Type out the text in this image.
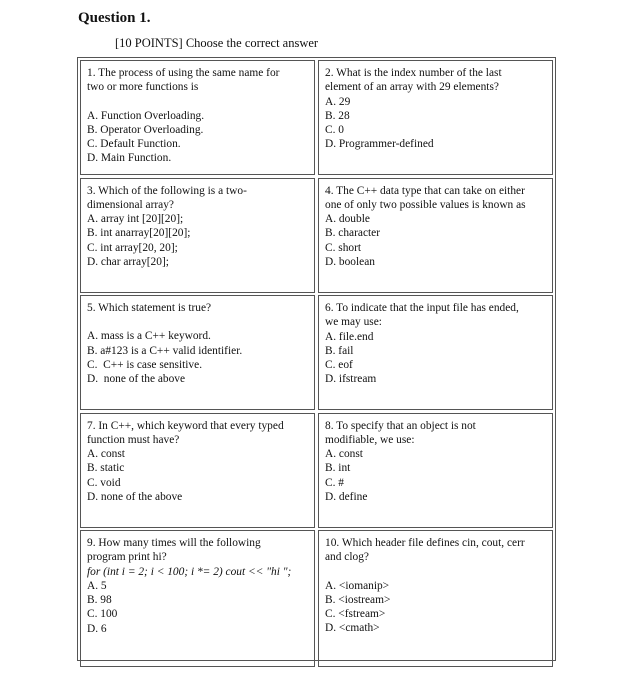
Question 1.
[10 POINTS] Choose the correct answer
1. The process of using the same name for
two or more functions is
A. Function Overloading.
B. Operator Overloading.
C. Default Function.
D. Main Function.
2. What is the index number of the last
element of an array with 29 elements?
A. 29
B. 28
C. 0
D. Programmer-defined
3. Which of the following is a two-
dimensional array?
A. array int [20][20];
B. int anarray[20][20];
C. int array[20, 20];
D. char array[20];
4. The C++ data type that can take on either
one of only two possible values is known as
A. double
B. character
C. short
D. boolean
5. Which statement is true?
A. mass is a C++ keyword.
B. a#123 is a C++ valid identifier.
C.  C++ is case sensitive.
D.  none of the above
6. To indicate that the input file has ended,
we may use:
A. file.end
B. fail
C. eof
D. ifstream
7. In C++, which keyword that every typed
function must have?
A. const
B. static
C. void
D. none of the above
8. To specify that an object is not
modifiable, we use:
A. const
B. int
C. #
D. define
9. How many times will the following
program print hi?
for (int i = 2; i < 100; i *= 2) cout << "hi ";
A. 5
B. 98
C. 100
D. 6
10. Which header file defines cin, cout, cerr
and clog?
A. <iomanip>
B. <iostream>
C. <fstream>
D. <cmath>
